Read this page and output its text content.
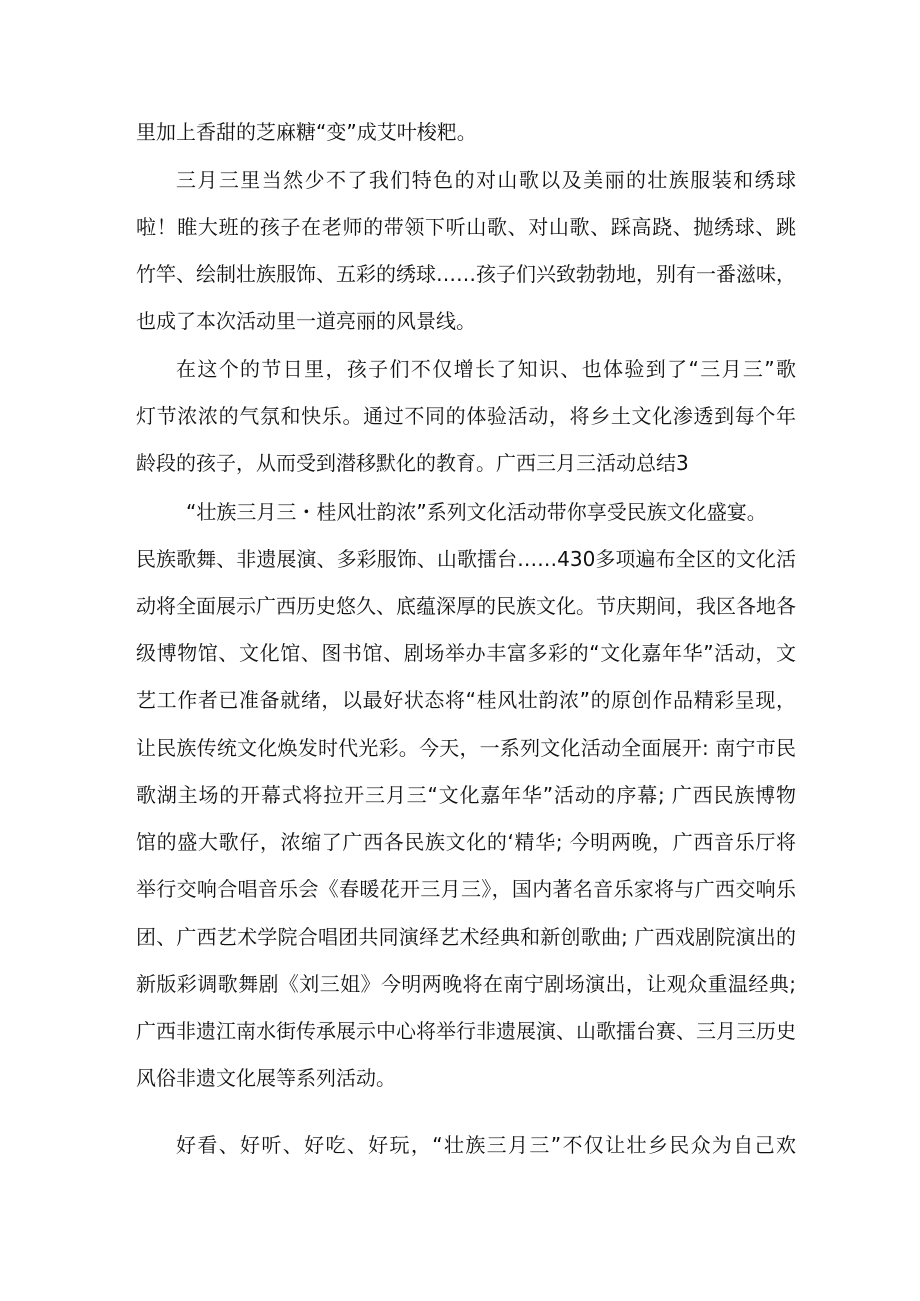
里加上香甜的芝麻糖“变”成艾叶梭粑。
三月三里当然少不了我们特色的对山歌以及美丽的壮族服装和绣球
啦！睢大班的孩子在老师的带领下听山歌、对山歌、踩高跷、抛绣球、跳
竹竿、绘制壮族服饰、五彩的绣球……孩子们兴致勃勃地，别有一番滋味，
也成了本次活动里一道亮丽的风景线。
在这个的节日里，孩子们不仅增长了知识、也体验到了“三月三”歌
灯节浓浓的气氛和快乐。通过不同的体验活动，将乡土文化渗透到每个年
龄段的孩子，从而受到潜移默化的教育。广西三月三活动总结3
“壮族三月三・桂风壮韵浓”系列文化活动带你享受民族文化盛宴。
民族歌舞、非遗展演、多彩服饰、山歌擂台……430多项遍布全区的文化活
动将全面展示广西历史悠久、底蕴深厚的民族文化。节庆期间，我区各地各
级博物馆、文化馆、图书馆、剧场举办丰富多彩的“文化嘉年华”活动，文
艺工作者已准备就绪，以最好状态将“桂风壮韵浓”的原创作品精彩呈现，
让民族传统文化焕发时代光彩。今天，一系列文化活动全面展开: 南宁市民
歌湖主场的开幕式将拉开三月三“文化嘉年华”活动的序幕; 广西民族博物
馆的盛大歌仔，浓缩了广西各民族文化的‘精华; 今明两晚，广西音乐厅将
举行交响合唱音乐会《春暖花开三月三》，国内著名音乐家将与广西交响乐
团、广西艺术学院合唱团共同演绎艺术经典和新创歌曲; 广西戏剧院演出的
新版彩调歌舞剧《刘三姐》今明两晚将在南宁剧场演出，让观众重温经典;
广西非遗江南水街传承展示中心将举行非遗展演、山歌擂台赛、三月三历史
风俗非遗文化展等系列活动。
好看、好听、好吃、好玩，“壮族三月三”不仅让壮乡民众为自己欢
